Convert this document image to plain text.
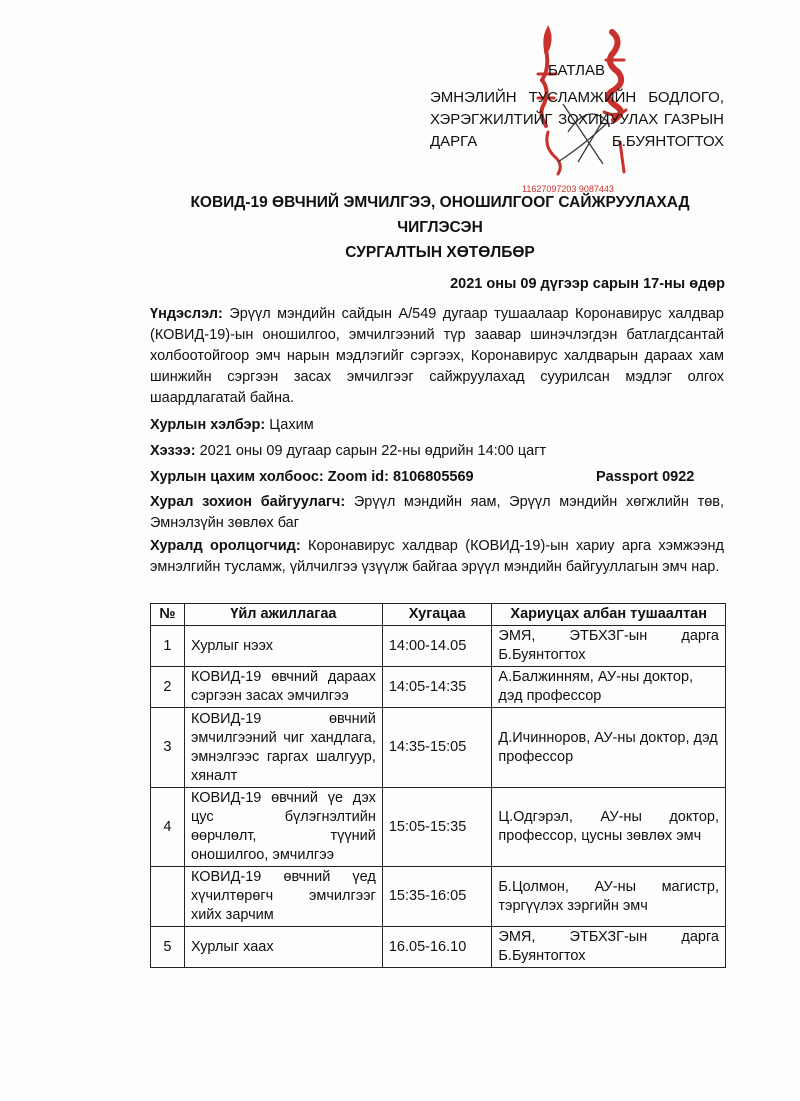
11627097203 9087443
БАТЛАВ
ЭМНЭЛИЙН ТУСЛАМЖИЙН БОДЛОГО,
ХЭРЭГЖИЛТИЙГ ЗОХИЦУУЛАХ ГАЗРЫН
ДАРГА	Б.БУЯНТОГТОХ
КОВИД-19 ӨВЧНИЙ ЭМЧИЛГЭЭ, ОНОШИЛГООГ САЙЖРУУЛАХАД ЧИГЛЭСЭН
СУРГАЛТЫН ХӨТӨЛБӨР
2021 оны 09 дүгээр сарын 17-ны өдөр
Үндэслэл: Эрүүл мэндийн сайдын А/549 дугаар тушаалаар Коронавирус халдвар (КОВИД-19)-ын оношилгоо, эмчилгээний түр заавар шинэчлэгдэн батлагдсантай холбоотойгоор эмч нарын мэдлэгийг сэргээх, Коронавирус халдварын дараах хам шинжийн сэргээн засах эмчилгээг сайжруулахад суурилсан мэдлэг олгох шаардлагатай байна.
Хурлын хэлбэр: Цахим
Хэзээ: 2021 оны 09 дугаар сарын 22-ны өдрийн 14:00 цагт
Хурлын цахим холбоос: Zoom id: 8106805569	Passport 0922
Хурал зохион байгуулагч: Эрүүл мэндийн яам, Эрүүл мэндийн хөгжлийн төв, Эмнэлзүйн зөвлөх баг
Хуралд оролцогчид: Коронавирус халдвар (КОВИД-19)-ын хариу арга хэмжээнд эмнэлгийн тусламж, үйлчилгээ үзүүлж байгаа эрүүл мэндийн байгууллагын эмч нар.
№	Үйл ажиллагаа	Хугацаа	Хариуцах албан тушаалтан
1	Хурлыг нээх	14:00-14.05	ЭМЯ, ЭТБХЗГ-ын дарга Б.Буянтогтох
2	КОВИД-19 өвчний дараах сэргээн засах эмчилгээ	14:05-14:35	А.Балжинням, АУ-ны доктор, дэд профессор
3	КОВИД-19 өвчний эмчилгээний чиг хандлага, эмнэлгээс гаргах шалгуур, хяналт	14:35-15:05	Д.Ичинноров, АУ-ны доктор, дэд профессор
4	КОВИД-19 өвчний үе дэх цус бүлэгнэлтийн өөрчлөлт, түүний оношилгоо, эмчилгээ	15:05-15:35	Ц.Одгэрэл, АУ-ны доктор, профессор, цусны зөвлөх эмч
	КОВИД-19 өвчний үед хүчилтөрөгч эмчилгээг хийх зарчим	15:35-16:05	Б.Цолмон, АУ-ны магистр, тэргүүлэх зэргийн эмч
5	Хурлыг хаах	16.05-16.10	ЭМЯ, ЭТБХЗГ-ын дарга Б.Буянтогтох
